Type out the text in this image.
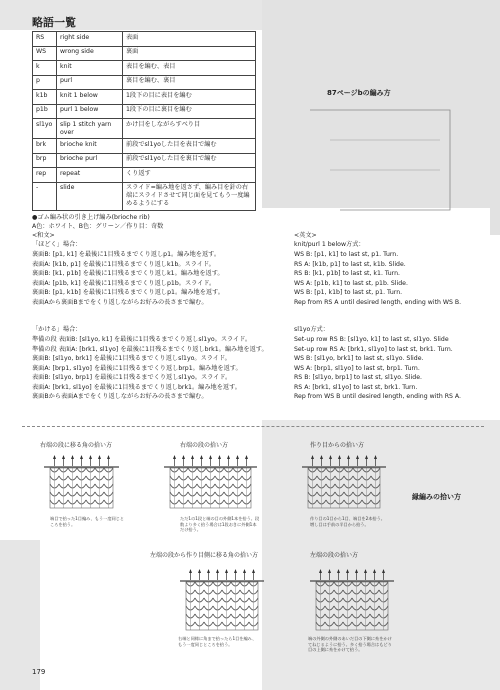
略語一覧
RS	right side	表面
WS	wrong side	裏面
k	knit	表目を編む、表目
p	purl	裏目を編む、裏目
k1b	knit 1 below	1段下の目に表目を編む
p1b	purl 1 below	1段下の目に裏目を編む
sl1yo	slip 1 stitch yarn over	かけ目をしながらすべり目
brk	brioche knit	前段でsl1yoした目を表目で編む
brp	brioche purl	前段でsl1yoした目を裏目で編む
rep	repeat	くり返す
-	slide	スライド=編み地を返さず、編み目を針の右端にスライドさせて同じ面を見てもう一度編めるようにする
87ページbの編み方
●ゴム編み状の引き上げ編み(brioche rib)
A色：ホワイト、B色：グリーン／作り目：奇数
<和文>	<英文>
「ほどく」場合：
裏面B: [p1, k1] を最後に1目残るまでくり返しp1。編み地を返す。
表面A: [k1b, p1] を最後に1目残るまでくり返しk1b。スライド。
裏面B: [k1, p1b] を最後に1目残るまでくり返しk1。編み地を返す。
表面A: [p1b, k1] を最後に1目残るまでくり返しp1b。スライド。
裏面B: [p1, k1b] を最後に1目残るまでくり返しp1。編み地を返す。
表面Aから裏面Bまでをくり返しながらお好みの長さまで編む。
knit/purl 1 below方式：
WS B: [p1, k1] to last st, p1. Turn.
RS A: [k1b, p1] to last st, k1b. Slide.
RS B: [k1, p1b] to last st, k1. Turn.
WS A: [p1b, k1] to last st, p1b. Slide.
WS B: [p1, k1b] to last st, p1. Turn.
Rep from RS A until desired length, ending with WS B.
「かける」場合：
準備の段 表面B: [sl1yo, k1] を最後に1目残るまでくり返しsl1yo。スライド。
準備の段 表面A: [brk1, sl1yo] を最後に1目残るまでくり返しbrk1。編み地を返す。
裏面B: [sl1yo, brk1] を最後に1目残るまでくり返しsl1yo。スライド。
裏面A: [brp1, sl1yo] を最後に1目残るまでくり返しbrp1。編み地を返す。
表面B: [sl1yo, brp1] を最後に1目残るまでくり返しsl1yo。スライド。
表面A: [brk1, sl1yo] を最後に1目残るまでくり返しbrk1。編み地を返す。
裏面Bから表面Aまでをくり返しながらお好みの長さまで編む。
sl1yo方式：
Set-up row RS B: [sl1yo, k1] to last st, sl1yo. Slide
Set-up row RS A: [brk1, sl1yo] to last st, brk1. Turn.
WS B: [sl1yo, brk1] to last st, sl1yo. Slide.
WS A: [brp1, sl1yo] to last st, brp1. Turn.
RS B: [sl1yo, brp1] to last st, sl1yo. Slide.
RS A: [brk1, sl1yo] to last st, brk1. Turn.
Rep from WS B until desired length, ending with RS A.
右端の段に移る角の拾い方	右端の段の拾い方	作り目からの拾い方
縁編みの拾い方
左端の段から作り目側に移る角の拾い方	左端の段の拾い方
端目で拾った1目編み、もう一度同じところを拾う。
ただ1の1段と端の目の外側1本を拾う。段数より多く拾う場合は1段おきに外側1本だけ拾う。
作り目の1目から1目、端目を2本拾う。増し目は手前の半目から拾う。
右端と同様に角まで拾ったら1目を編み、もう一度同じところを拾う。
端の外側の外側のあいだ目の下側に糸をかけてねじるように拾う。多く拾う場合はもどり目の上側に糸をかけて拾う。
179
